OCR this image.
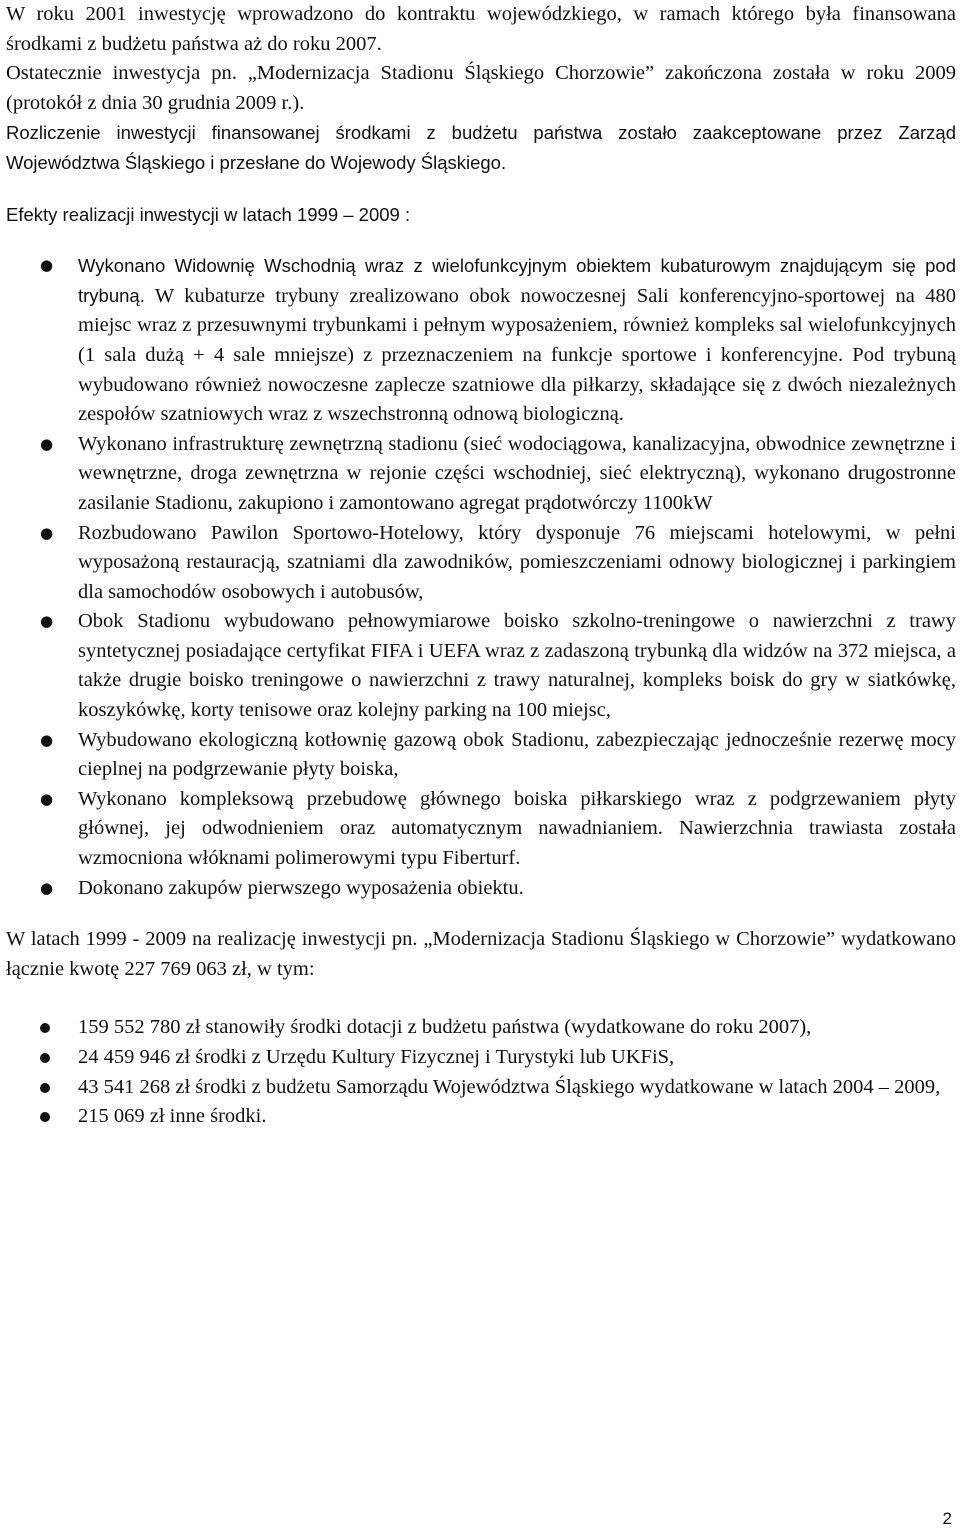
W roku 2001 inwestycję wprowadzono do kontraktu wojewódzkiego, w ramach którego była finansowana środkami z budżetu państwa aż do roku 2007.

Ostatecznie inwestycja pn. „Modernizacja Stadionu Śląskiego Chorzowie” zakończona została w roku 2009 (protokół z dnia 30 grudnia 2009 r.).

Rozliczenie inwestycji finansowanej środkami z budżetu państwa zostało zaakceptowane przez Zarząd Województwa Śląskiego i przesłane do Wojewody Śląskiego.

Efekty realizacji inwestycji w latach 1999 – 2009 :

● Wykonano Widownię Wschodnią wraz z wielofunkcyjnym obiektem kubaturowym znajdującym się pod trybuną. W kubaturze trybuny zrealizowano obok nowoczesnej Sali konferencyjno-sportowej na 480 miejsc wraz z przesuwnymi trybunkami i pełnym wyposażeniem, również kompleks sal wielofunkcyjnych (1 sala dużą + 4 sale mniejsze) z przeznaczeniem na funkcje sportowe i konferencyjne. Pod trybuną wybudowano również nowoczesne zaplecze szatniowe dla piłkarzy, składające się z dwóch niezależnych zespołów szatniowych wraz z wszechstronną odnową biologiczną.
● Wykonano infrastrukturę zewnętrzną stadionu (sieć wodociągowa, kanalizacyjna, obwodnice zewnętrzne i wewnętrzne, droga zewnętrzna w rejonie części wschodniej, sieć elektryczną), wykonano drugostronne zasilanie Stadionu, zakupiono i zamontowano agregat prądotwórczy 1100kW
● Rozbudowano Pawilon Sportowo-Hotelowy, który dysponuje 76 miejscami hotelowymi, w pełni wyposażoną restauracją, szatniami dla zawodników, pomieszczeniami odnowy biologicznej i parkingiem dla samochodów osobowych i autobusów,
● Obok Stadionu wybudowano pełnowymiarowe boisko szkolno-treningowe o nawierzchni z trawy syntetycznej posiadające certyfikat FIFA i UEFA wraz z zadaszoną trybunką dla widzów na 372 miejsca, a także drugie boisko treningowe o nawierzchni z trawy naturalnej, kompleks boisk do gry w siatkówkę, koszykówkę, korty tenisowe oraz kolejny parking na 100 miejsc,
● Wybudowano ekologiczną kotłownię gazową obok Stadionu, zabezpieczając jednocześnie rezerwę mocy cieplnej na podgrzewanie płyty boiska,
● Wykonano kompleksową przebudowę głównego boiska piłkarskiego wraz z podgrzewaniem płyty głównej, jej odwodnieniem oraz automatycznym nawadnianiem. Nawierzchnia trawiasta została wzmocniona włóknami polimerowymi typu Fiberturf.
● Dokonano zakupów pierwszego wyposażenia obiektu.

W latach 1999 - 2009 na realizację inwestycji pn. „Modernizacja Stadionu Śląskiego w Chorzowie” wydatkowano łącznie kwotę 227 769 063 zł, w tym:

159 552 780 zł stanowiły środki dotacji z budżetu państwa (wydatkowane do roku 2007),
24 459 946 zł środki z Urzędu Kultury Fizycznej i Turystyki lub UKFiS,
43 541 268 zł środki z budżetu Samorządu Województwa Śląskiego wydatkowane w latach 2004 – 2009,
215 069 zł inne środki.
2
